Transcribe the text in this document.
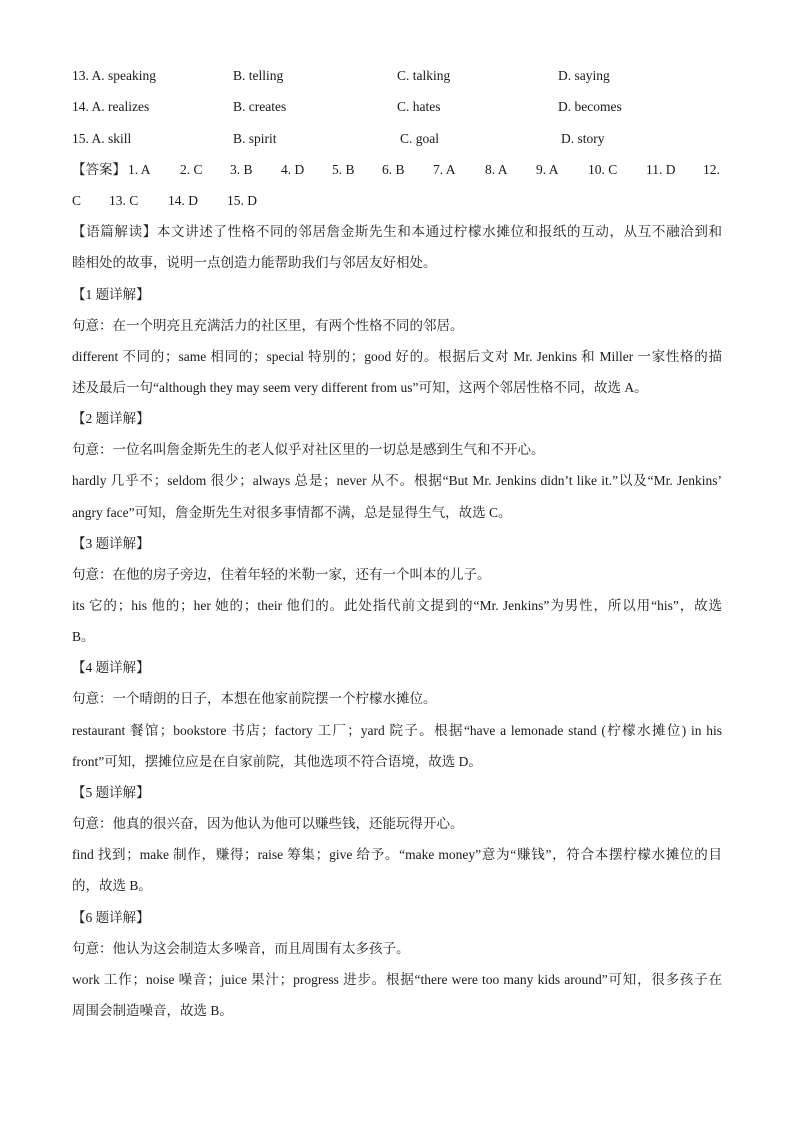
13. A. speaking	B. telling	C. talking	D. saying
14. A. realizes	B. creates	C. hates	D. becomes
15. A. skill	B. spirit	C. goal	D. story
【答案】 1. A 2. C 3. B 4. D 5. B 6. B 7. A 8. A 9. A 10. C 11. D 12.
C 13. C 14. D 15. D
【语篇解读】本文讲述了性格不同的邻居詹金斯先生和本通过柠檬水摊位和报纸的互动，从互不融洽到和
睦相处的故事，说明一点创造力能帮助我们与邻居友好相处。
【1 题详解】
句意：在一个明亮且充满活力的社区里，有两个性格不同的邻居。
different 不同的；same 相同的；special 特别的；good 好的。根据后文对 Mr. Jenkins 和 Miller 一家性格的描
述及最后一句“although they may seem very different from us”可知，这两个邻居性格不同，故选 A。
【2 题详解】
句意：一位名叫詹金斯先生的老人似乎对社区里的一切总是感到生气和不开心。
hardly 几乎不；seldom 很少；always 总是；never 从不。根据“But Mr. Jenkins didn’t like it.”以及“Mr. Jenkins’
angry face”可知，詹金斯先生对很多事情都不满，总是显得生气，故选 C。
【3 题详解】
句意：在他的房子旁边，住着年轻的米勒一家，还有一个叫本的儿子。
its 它的；his 他的；her 她的；their 他们的。此处指代前文提到的“Mr. Jenkins”为男性，所以用“his”，故选
B。
【4 题详解】
句意：一个晴朗的日子，本想在他家前院摆一个柠檬水摊位。
restaurant 餐馆；bookstore 书店；factory 工厂；yard 院子。根据“have a lemonade stand (柠檬水摊位) in his
front”可知，摆摊位应是在自家前院，其他选项不符合语境，故选 D。
【5 题详解】
句意：他真的很兴奋，因为他认为他可以赚些钱，还能玩得开心。
find 找到；make 制作，赚得；raise 筹集；give 给予。“make money”意为“赚钱”，符合本摆柠檬水摊位的目
的，故选 B。
【6 题详解】
句意：他认为这会制造太多噪音，而且周围有太多孩子。
work 工作；noise 噪音；juice 果汁；progress 进步。根据“there were too many kids around”可知，很多孩子在
周围会制造噪音，故选 B。
